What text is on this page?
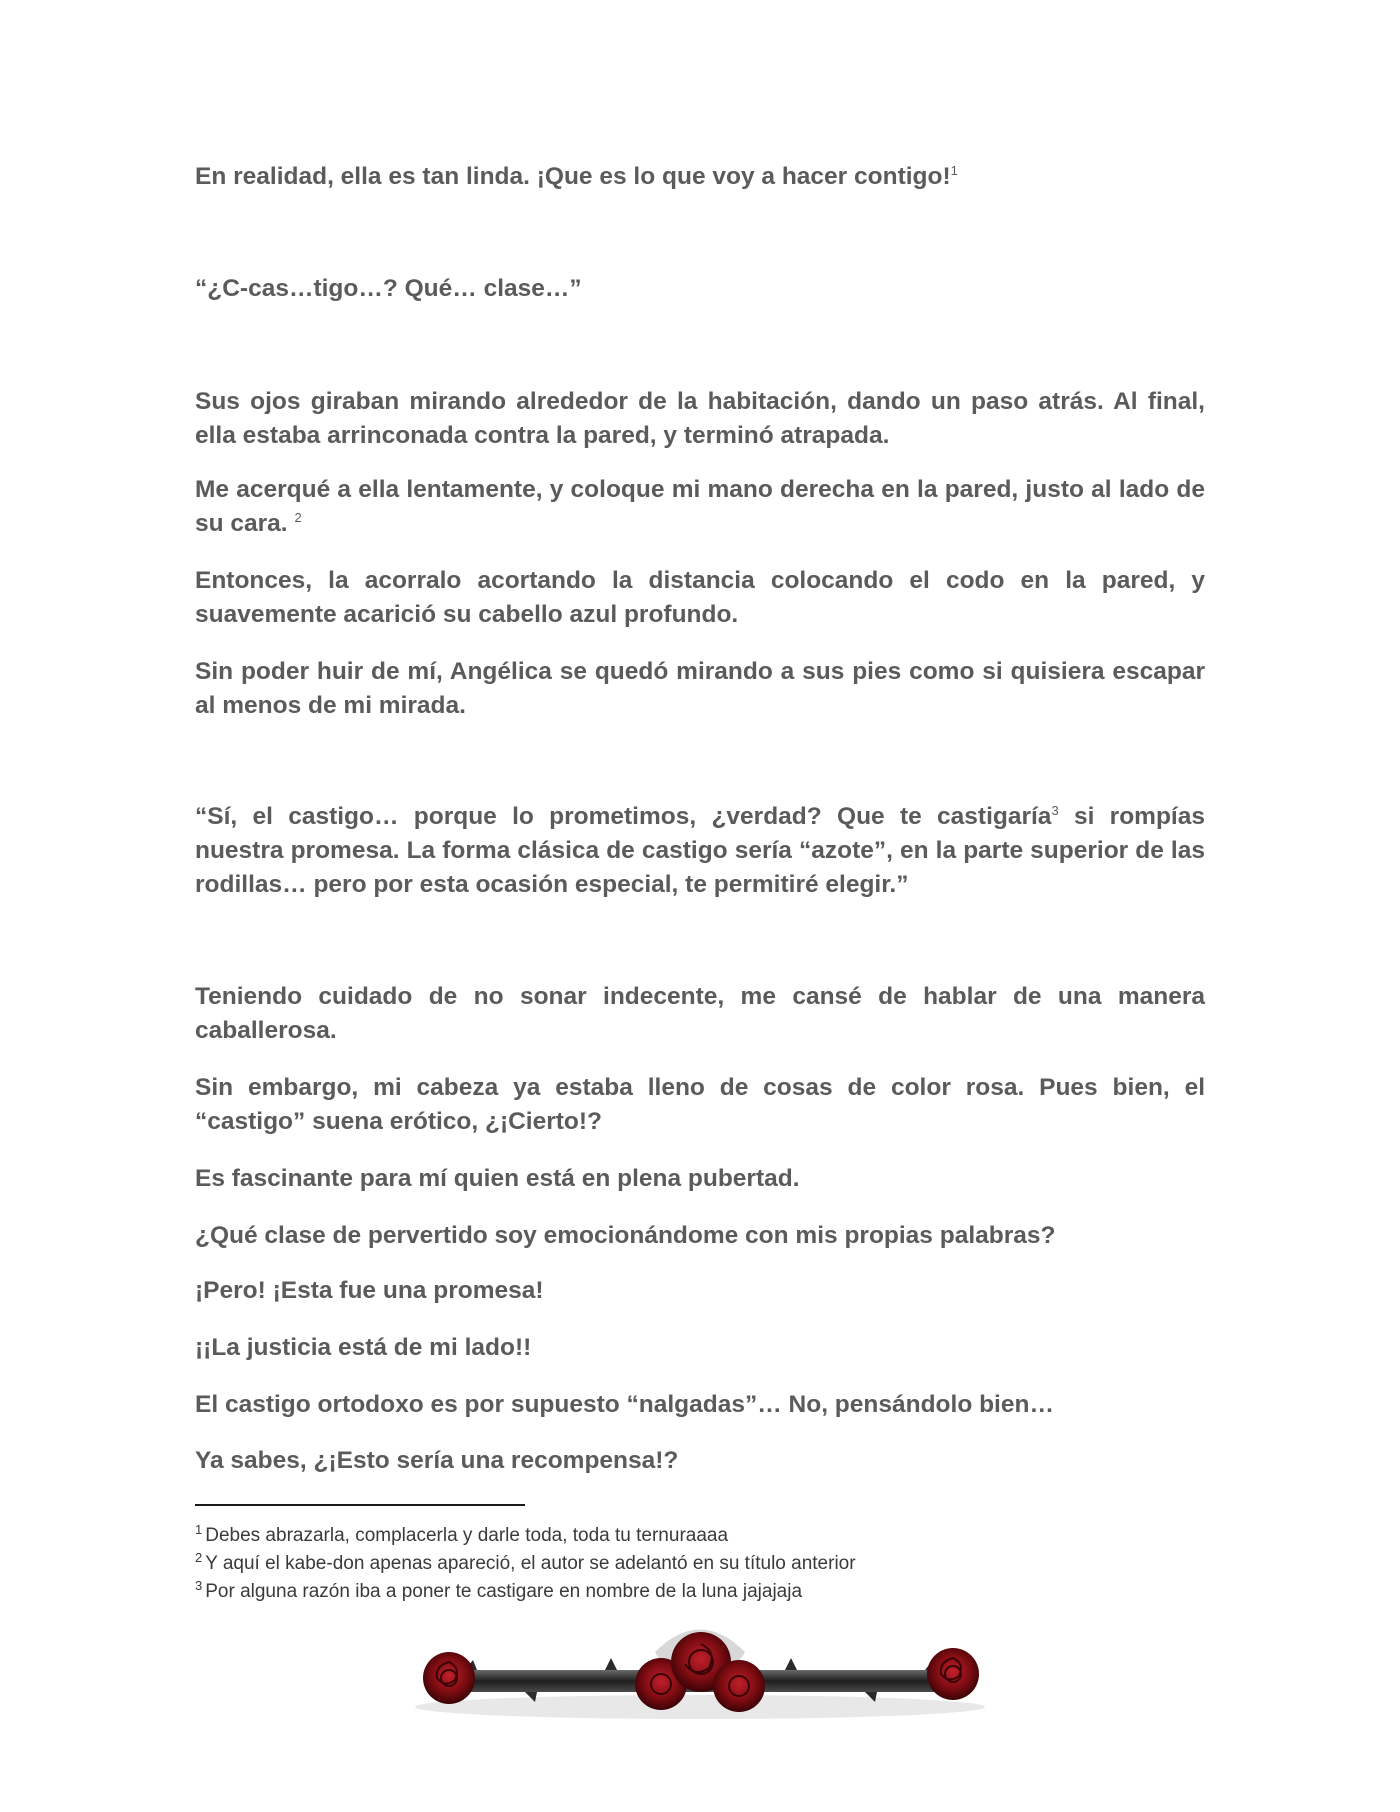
En realidad, ella es tan linda. ¡Que es lo que voy a hacer contigo!$^1$

“¿C-cas…tigo…? Qué… clase…”

Sus ojos giraban mirando alrededor de la habitación, dando un paso atrás. Al final, ella estaba arrinconada contra la pared, y terminó atrapada.

Me acerqué a ella lentamente, y coloque mi mano derecha en la pared, justo al lado de su cara. $^2$

Entonces, la acorralo acortando la distancia colocando el codo en la pared, y suavemente acarició su cabello azul profundo.

Sin poder huir de mí, Angélica se quedó mirando a sus pies como si quisiera escapar al menos de mi mirada.

“Sí, el castigo… porque lo prometimos, ¿verdad? Que te castigaría$^3$ si rompías nuestra promesa. La forma clásica de castigo sería “azote”, en la parte superior de las rodillas… pero por esta ocasión especial, te permitiré elegir.”

Teniendo cuidado de no sonar indecente, me cansé de hablar de una manera caballerosa.

Sin embargo, mi cabeza ya estaba lleno de cosas de color rosa. Pues bien, el “castigo” suena erótico, ¿¡Cierto!?

Es fascinante para mí quien está en plena pubertad.

¿Qué clase de pervertido soy emocionándome con mis propias palabras?

¡Pero! ¡Esta fue una promesa!

¡¡La justicia está de mi lado!!

El castigo ortodoxo es por supuesto “nalgadas”… No, pensándolo bien…

Ya sabes, ¿¡Esto sería una recompensa!?

$^1$ Debes abrazarla, complacerla y darle toda, toda tu ternuraaaa
$^2$ Y aquí el kabe-don apenas apareció, el autor se adelantó en su título anterior
$^3$ Por alguna razón iba a poner te castigare en nombre de la luna jajajaja
